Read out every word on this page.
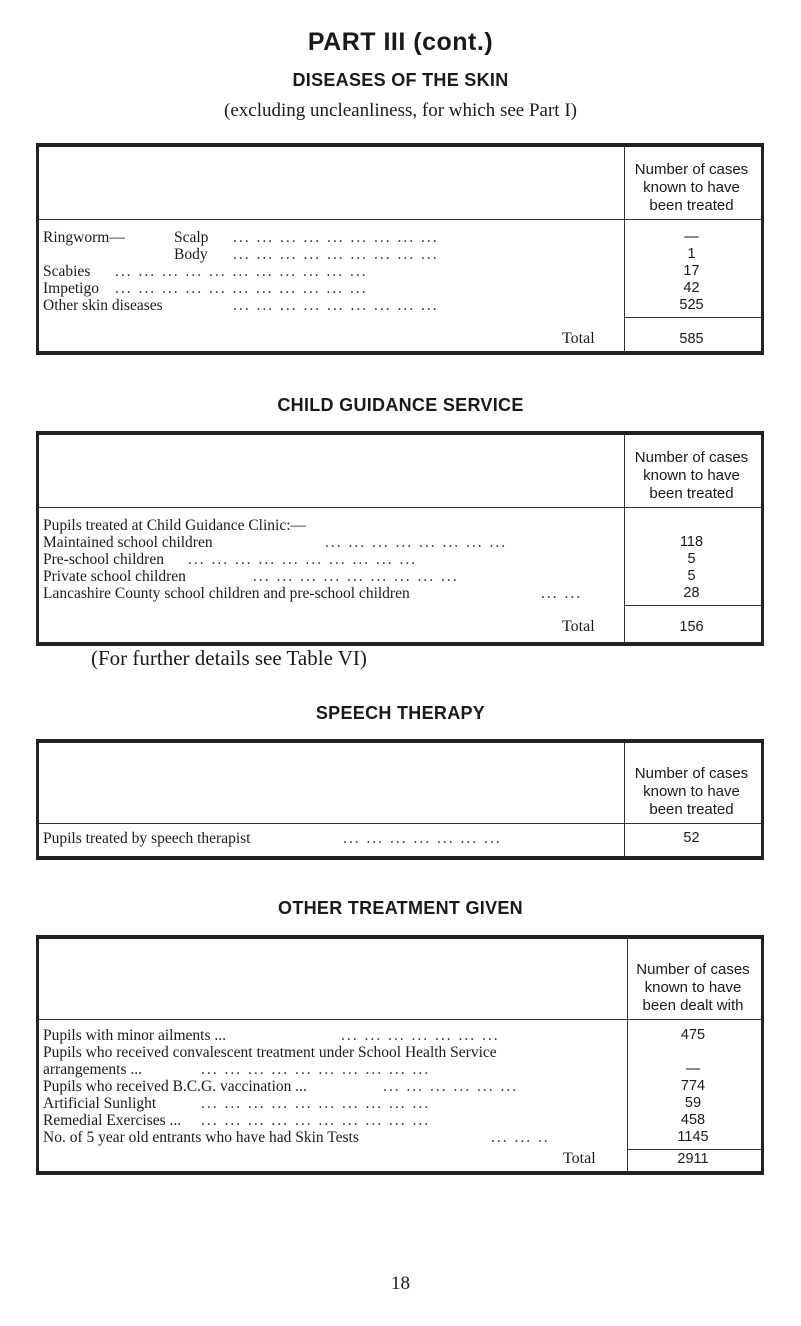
PART III (cont.)
DISEASES OF THE SKIN
(excluding uncleanliness, for which see Part I)
Number of cases
known to have
been treated
Ringworm—	Scalp ... ... ... ... ... ... ... ... ...	—
Body ... ... ... ... ... ... ... ... ...	1
Scabies ... ... ... ... ... ... ... ... ... ... ...	17
Impetigo ... ... ... ... ... ... ... ... ... ... ...	42
Other skin diseases	... ... ... ... ... ... ... ... ...	525
Total	585
CHILD GUIDANCE SERVICE
Number of cases
known to have
been treated
Pupils treated at Child Guidance Clinic:—
Maintained school children	... ... ... ... ... ... ... ...	118
Pre-school children ... ... ... ... ... ... ... ... ... ...	5
Private school children	... ... ... ... ... ... ... ... ...	5
Lancashire County school children and pre-school children	... ...	28
Total	156
(For further details see Table VI)
SPEECH THERAPY
Number of cases
known to have
been treated
Pupils treated by speech therapist	... ... ... ... ... ... ...	52
OTHER TREATMENT GIVEN
Number of cases
known to have
been dealt with
Pupils with minor ailments ...	... ... ... ... ... ... ...	475
Pupils who received convalescent treatment under School Health Service
arrangements ...	... ... ... ... ... ... ... ... ... ...	—
Pupils who received B.C.G. vaccination ...	... ... ... ... ... ...	774
Artificial Sunlight	... ... ... ... ... ... ... ... ... ...	59
Remedial Exercises ... ... ... ... ... ... ... ... ... ... ...	458
No. of 5 year old entrants who have had Skin Tests	... ... ..	1145
Total	2911
18
